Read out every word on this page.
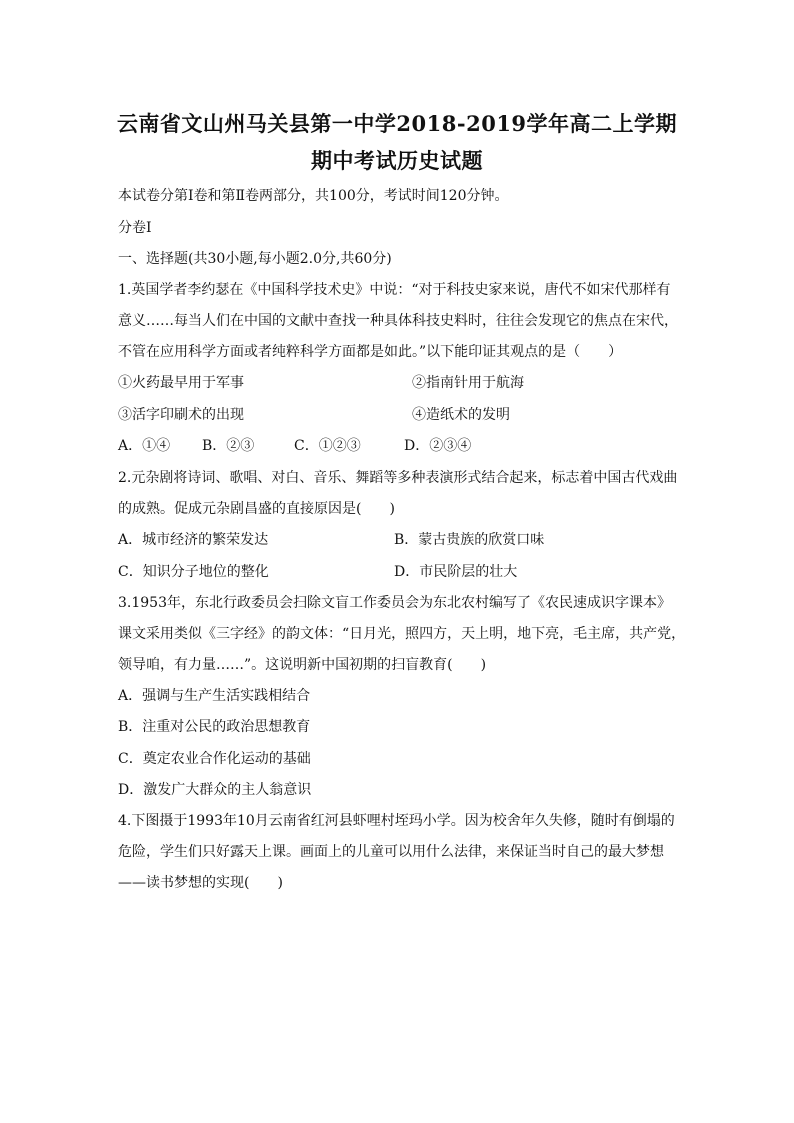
云南省文山州马关县第一中学2018-2019学年高二上学期
期中考试历史试题
本试卷分第Ⅰ卷和第Ⅱ卷两部分，共100分，考试时间120分钟。
分卷I
一、选择题(共30小题,每小题2.0分,共60分)
1.英国学者李约瑟在《中国科学技术史》中说：“对于科技史家来说，唐代不如宋代那样有
意义……每当人们在中国的文献中查找一种具体科技史料时，往往会发现它的焦点在宋代，
不管在应用科学方面或者纯粹科学方面都是如此。”以下能印证其观点的是（　　）
①火药最早用于军事	②指南针用于航海
③活字印刷术的出现	④造纸术的发明
A．①④ B．②③	C．①②③	D．②③④
2.元杂剧将诗词、歌唱、对白、音乐、舞蹈等多种表演形式结合起来，标志着中国古代戏曲
的成熟。促成元杂剧昌盛的直接原因是(　　)
A．城市经济的繁荣发达	B．蒙古贵族的欣赏口味
C．知识分子地位的整化	D．市民阶层的壮大
3.1953年，东北行政委员会扫除文盲工作委员会为东北农村编写了《农民速成识字课本》
课文采用类似《三字经》的韵文体：“日月光，照四方，天上明，地下亮，毛主席，共产党，
领导咱，有力量……”。这说明新中国初期的扫盲教育(　　)
A．强调与生产生活实践相结合
B．注重对公民的政治思想教育
C．奠定农业合作化运动的基础
D．激发广大群众的主人翁意识
4.下图摄于1993年10月云南省红河县虾哩村垤玛小学。因为校舍年久失修，随时有倒塌的
危险，学生们只好露天上课。画面上的儿童可以用什么法律，来保证当时自己的最大梦想
——读书梦想的实现(　　)
